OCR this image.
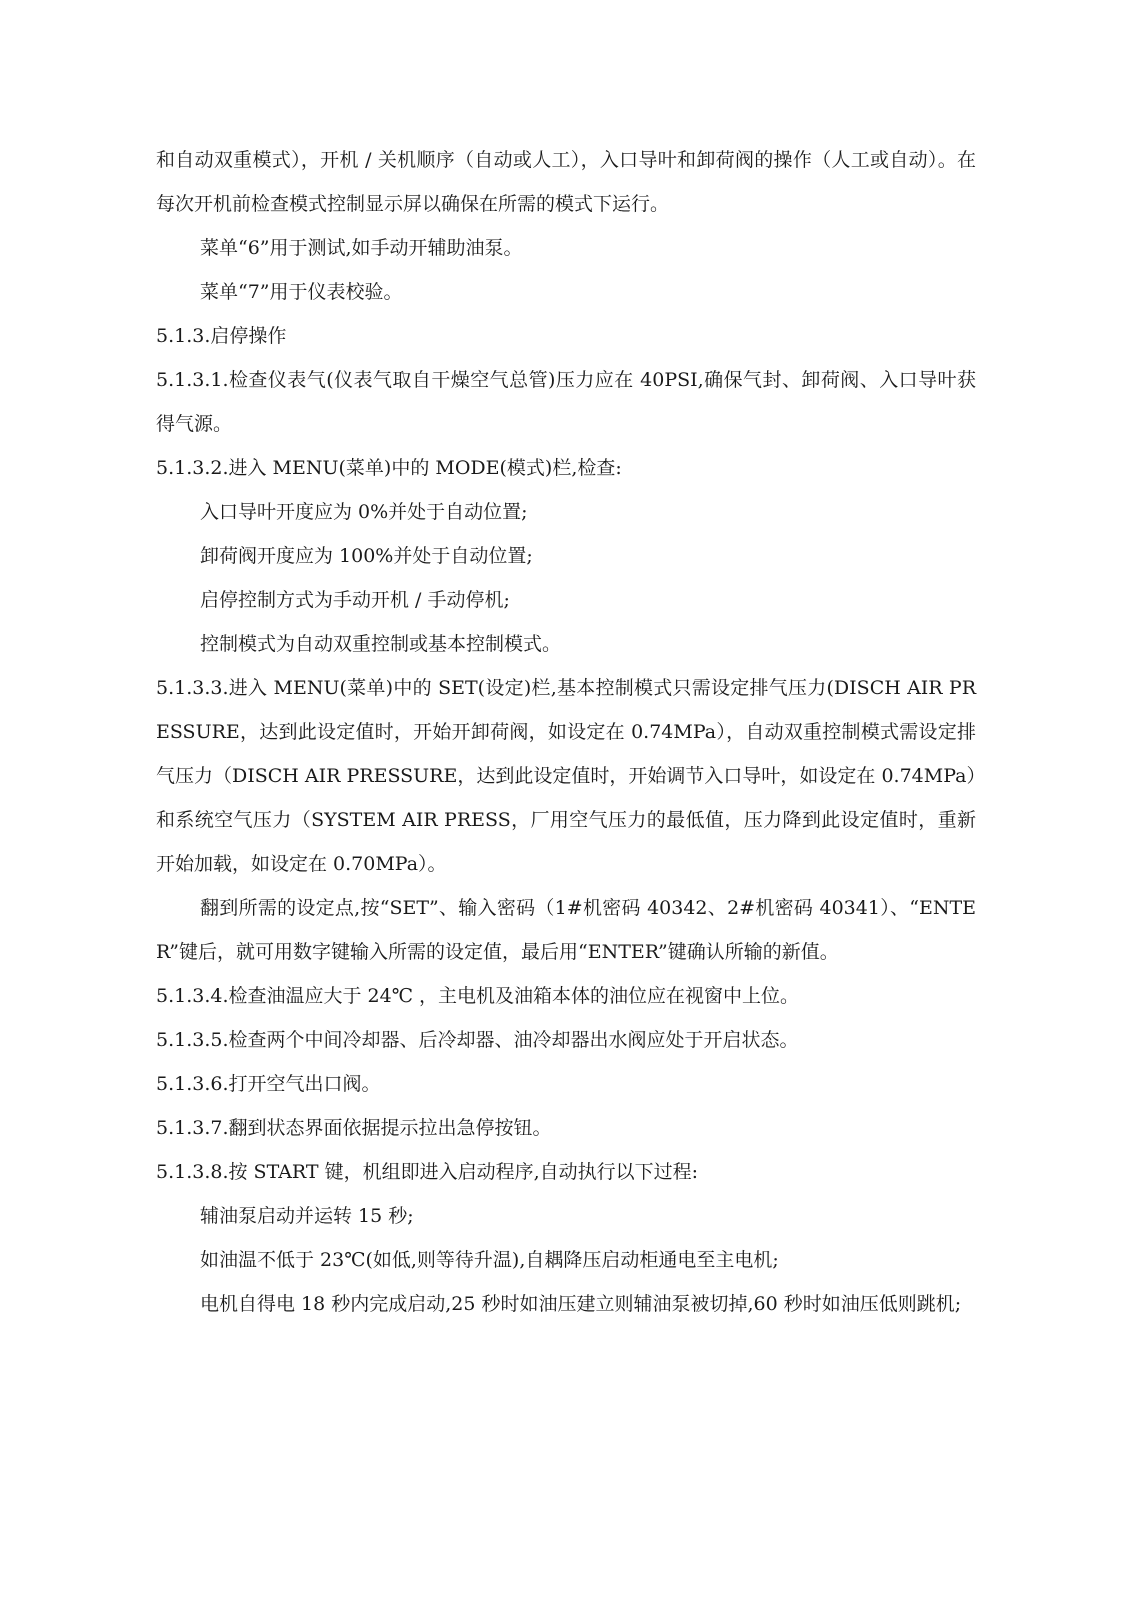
和自动双重模式），开机 / 关机顺序（自动或人工），入口导叶和卸荷阀的操作（人工或自动）。在每次开机前检查模式控制显示屏以确保在所需的模式下运行。

菜单“6”用于测试,如手动开辅助油泵。

菜单“7”用于仪表校验。

5.1.3.启停操作

5.1.3.1.检查仪表气(仪表气取自干燥空气总管)压力应在 40PSI,确保气封、卸荷阀、入口导叶获得气源。

5.1.3.2.进入 MENU(菜单)中的 MODE(模式)栏,检查:

入口导叶开度应为 0%并处于自动位置;

卸荷阀开度应为 100%并处于自动位置;

启停控制方式为手动开机 / 手动停机;

控制模式为自动双重控制或基本控制模式。

5.1.3.3.进入 MENU(菜单)中的 SET(设定)栏,基本控制模式只需设定排气压力(DISCH AIR PRESSURE，达到此设定值时，开始开卸荷阀，如设定在 0.74MPa），自动双重控制模式需设定排气压力（DISCH AIR PRESSURE，达到此设定值时，开始调节入口导叶，如设定在 0.74MPa）和系统空气压力（SYSTEM AIR PRESS，厂用空气压力的最低值，压力降到此设定值时，重新开始加载，如设定在 0.70MPa）。

翻到所需的设定点,按“SET”、输入密码（1#机密码 40342、2#机密码 40341）、“ENTER”键后，就可用数字键输入所需的设定值，最后用“ENTER”键确认所输的新值。

5.1.3.4.检查油温应大于 24℃ ，主电机及油箱本体的油位应在视窗中上位。

5.1.3.5.检查两个中间冷却器、后冷却器、油冷却器出水阀应处于开启状态。

5.1.3.6.打开空气出口阀。

5.1.3.7.翻到状态界面依据提示拉出急停按钮。

5.1.3.8.按 START 键，机组即进入启动程序,自动执行以下过程:

辅油泵启动并运转 15 秒;

如油温不低于 23℃(如低,则等待升温),自耦降压启动柜通电至主电机;

电机自得电 18 秒内完成启动,25 秒时如油压建立则辅油泵被切掉,60 秒时如油压低则跳机;
